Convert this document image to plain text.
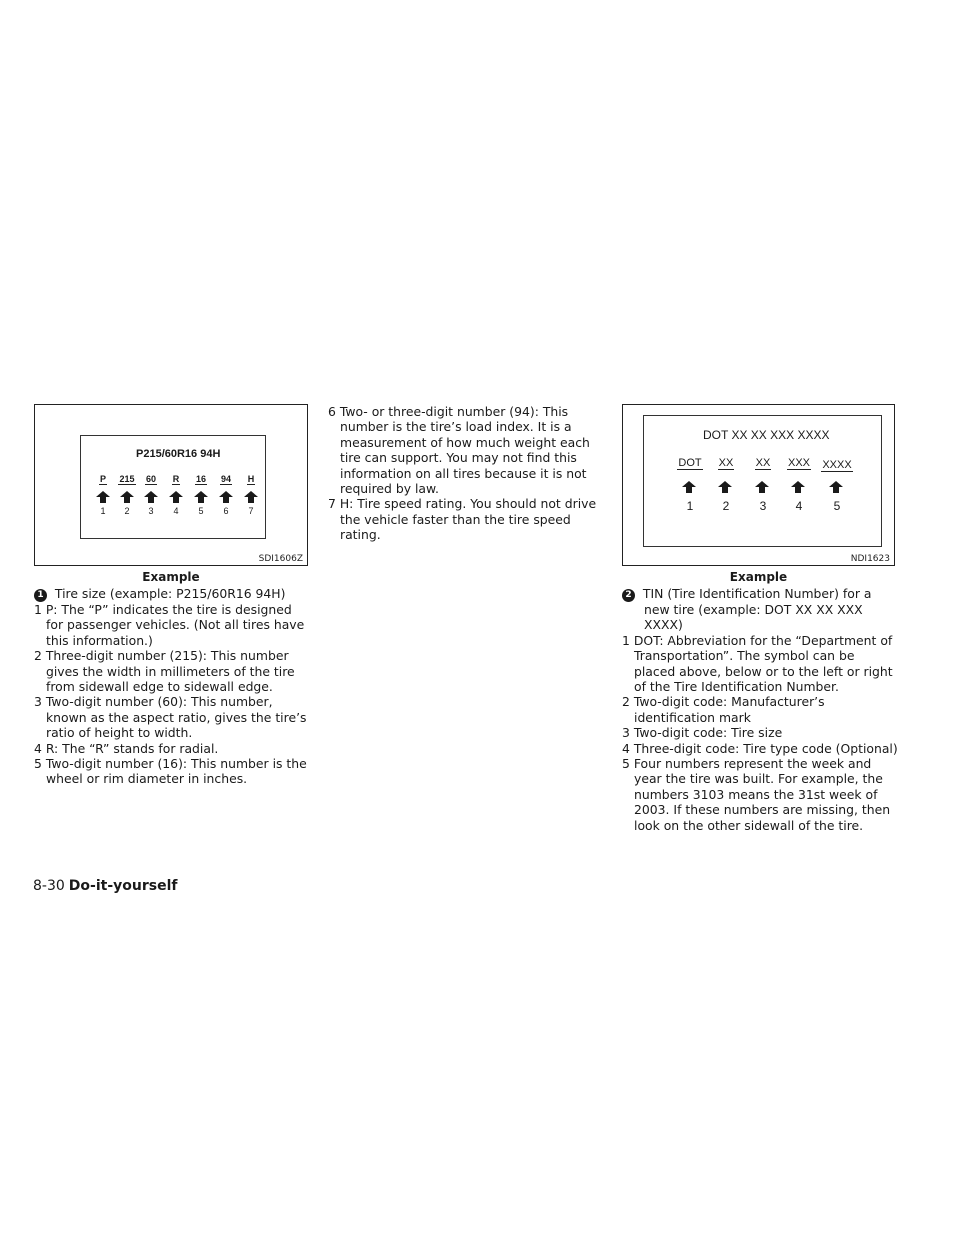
P215/60R16 94H
SDI1606Z
P
1
215
2
60
3
R
4
16
5
94
6
H
7
Example
DOT XX XX XXX XXXX
NDI1623
DOT
1
XX
2
XX
3
XXX
4
XXXX
5
Example

1 Tire size (example: P215/60R16 94H)

1 P: The “P” indicates the tire is designed for passenger vehicles. (Not all tires have this information.)

2 Three-digit number (215): This number gives the width in millimeters of the tire from sidewall edge to sidewall edge.

3 Two-digit number (60): This number, known as the aspect ratio, gives the tire’s ratio of height to width.

4 R: The “R” stands for radial.

5 Two-digit number (16): This number is the wheel or rim diameter in inches.

6 Two- or three-digit number (94): This number is the tire’s load index. It is a measurement of how much weight each tire can support. You may not find this information on all tires because it is not required by law.

7 H: Tire speed rating. You should not drive the vehicle faster than the tire speed rating.

2 TIN (Tire Identification Number) for a new tire (example: DOT XX XX XXX XXXX)

1 DOT: Abbreviation for the “Department of Transportation”. The symbol can be placed above, below or to the left or right of the Tire Identification Number.

2 Two-digit code: Manufacturer’s identification mark

3 Two-digit code: Tire size

4 Three-digit code: Tire type code (Optional)

5 Four numbers represent the week and year the tire was built. For example, the numbers 3103 means the 31st week of 2003. If these numbers are missing, then look on the other sidewall of the tire.

8-30 Do-it-yourself
